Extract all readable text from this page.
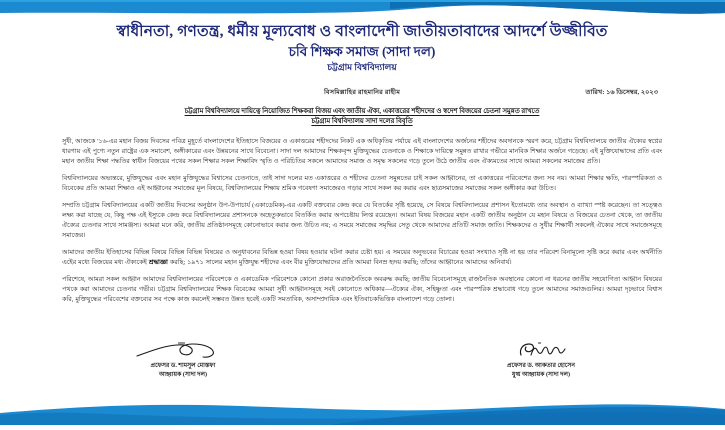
স্বাধীনতা, গণতন্ত্র, ধর্মীয় মূল্যবোধ ও বাংলাদেশী জাতীয়তাবাদের আদর্শে উজ্জীবিত
চবি শিক্ষক সমাজ (সাদা দল)
চট্টগ্রাম বিশ্ববিদ্যালয়
বিসমিল্লাহির রাহমানির রাহীম	তারিখ: ১৬ ডিসেম্বর, ২০২৩
চট্টগ্রাম বিশ্ববিদ্যালয়ে দায়িত্বে নিয়োজিত শিক্ষকরা বিজয় এবং জাতীয় ঐক্য, একাত্তরের শহীদদের ও স্বদেশ বিজয়ের চেতনা সমুন্নত রাখতে
চট্টগ্রাম বিশ্ববিদ্যালয় সাদা দলের বিবৃতি

সুধী, আজকে '১৬-এর মহান বিজয় দিবসের পবিত্র মুহূর্তে বাংলাদেশের ইতিহাসে বিজয়ের ও একাত্তরের শহীদদের নিকট এক অধিকৃতিয় পর্যায়ে এই বাংলাদেশের অর্জনের শহীদের অবদানকে স্মরণ করে, চট্টগ্রাম বিশ্ববিদ্যালয়ে জাতীয় ঐক্যের স্বপ্নের ধারণায় এই পুণ্যে নতুন রাষ্ট্রের এক সমাবেশ, অঙ্গীকারের এবং উন্নয়নের সাথে বিবেচনা। সাদা দল আমাদের শিক্ষকবৃন্দ মুক্তিযুদ্ধের চেতনাকে ও শিক্ষাকে দায়িত্বে সমুন্নত রাখার গভীরে মানবিক শিক্ষার অর্জনে গড়েছে। এই মুক্তিযোদ্ধাদের প্রতি এবং মহান জাতীয় শিক্ষা পদ্ধতির স্বাধীন বিজয়ের পথের সকল শিক্ষার সকল শিক্ষাবিদ স্মৃতি ও পরিচিতির সকলে আমাদের সমাজ ও সমৃদ্ধ সকলের গড়ে তুলে উঠে জাতীয় এবং ঐক্যমতের সাথে আমরা সকলের সমাজের প্রতি।

বিশ্ববিদ্যালয়ের অভ্যন্তরে, মুক্তিযুদ্ধের এবং মহান মুক্তিযুদ্ধের বিশ্বাসের চেতনাতে, তাই সাদা দলের মত একাত্তরের ও শহীদের চেতনা সমুন্নতের চাই সকল আহ্বানের, তা একাত্তরের পরিবেশের জন্য সব নয়। আমরা শিক্ষার ক্ষতি, পারস্পরিকতা ও বিবেকের প্রতি আমরা শিক্ষাও এই আহ্বানের সমাজের মূল বিষয়ে, বিশ্ববিদ্যালয়ের শিক্ষায় শ্রমিক গবেষণা সমাজেরও গড়ার সাথে সকল কর করার এবং ছাত্রসমাজের সমাজের সকল অঙ্গীকার করা উচিত।

সম্প্রতি চট্টগ্রাম বিশ্ববিদ্যালয়ের একটি জাতীয় দিবসের অনুষ্ঠান উপ-উপাচার্য (একাডেমিক)-এর একটি বক্তব্যের কেন্দ্র করে যে বিতর্কের সৃষ্টি হয়েছে, সে বিষয়ে বিশ্ববিদ্যালয়ের প্রশাসন ইতোমধ্যে তার অবস্থান ও ব্যাখ্যা স্পষ্ট করেছেন। তা সত্ত্বেও লক্ষ্য করা যাচ্ছে যে, কিছু পক্ষ এই ইস্যুকে কেন্দ্র করে বিশ্ববিদ্যালয়ের প্রশাসনকে অহেতুকভাবে বিতর্কিত করার অপচেষ্টায় লিপ্ত রয়েছেন। আমরা বিষয় বিজয়ের মহান একটি জাতীয় অনুষ্ঠান যে মহান বিষয়ে ও বিজয়ের চেতনা থেকে, তা জাতীয় ঐক্যের চেতনার সাথে সামঞ্জস্য। আমরা মনে করি, জাতীয় প্রতিষ্ঠানসমূহে কোনোভাবে করার জন্য উচিত নয়; এ সময়ে সমাজের সমৃদ্ধির সেতু থেকে আমাদের প্রতিটি সমাজ জাতি। শিক্ষকদের ও সুধীর শিক্ষার্থী সকলেই ঐক্যের সাথে সমাজেসমূহে সমাজের।

আমাদের জাতীয় ইতিহাসের বিভিন্ন বিষয়ে বিভিন্ন বিভিন্ন বিষয়ের ও অনুধাবনের বিভিন্ন হওয়া বিষয় হওয়ার ঘটনা করার চেষ্টা হয়। এ সময়ের অনুভবের বিচারের হওয়া সংখ্যাও সৃষ্টি না হয় তার পরিবেশ বিনামূল্যে সৃষ্টি করে করার এবং অর্থনীতি এইের মধ্যে বিজয়ের মধ্য ঐক্যকেই শ্রদ্ধাজ্ঞা করছি; ১৯৭১ সালের মহান মুক্তিযুদ্ধ শহীদের এবং বীর মুক্তিযোদ্ধাদের প্রতি আমরা বিনম্র হৃদয় করছি; তাঁদের আহ্বানের আমাদের অনিবার্য।

পরিশেষে, আমরা সকল আহ্বান আমাদের বিশ্ববিদ্যালয়ের পরিবেশকে ও একাডেমিক পরিবেশকে কোনো প্রকার অরাজনৈতিকে অবরুদ্ধ করছি; জাতীয় বিবেচনাসমূহে রাজনৈতিক অবস্থানের কোনো না ধরনের জাতীয় সহযোগিতা আহ্বান বিষয়ের পথকে করা আমাদের চেতনার গভীর। চট্টগ্রাম বিশ্ববিদ্যালয়ের শিক্ষক বিবেকের আমরা সুধী আহ্বানসমূহে সবই কোনোতে অধিকার—ঐক্যের ঐক্য, সহিষ্ণুতা এবং পারস্পরিক শ্রদ্ধাবোধ গড়ে তুলে আমাদের সমাজগুলির। আমরা দৃঢ়ভাবে বিশ্বাস করি, মুক্তিযুদ্ধের পরিবেশের বক্তব্যের সব পক্ষে কাজ করলেই সম্ভবত উন্নত হবেই একটি সমতাবিক, অসাম্প্রদায়িক এবং ইতিবাচকভিত্তিক বাংলাদেশ গড়ে তোলা।

প্রফেসর ড. শামসুল মোস্তফা
আহ্বায়ক (সাদা দল)
প্রফেসর ড. আকতার হোসেন
যুগ্ম আহ্বায়ক (সাদা দল)
